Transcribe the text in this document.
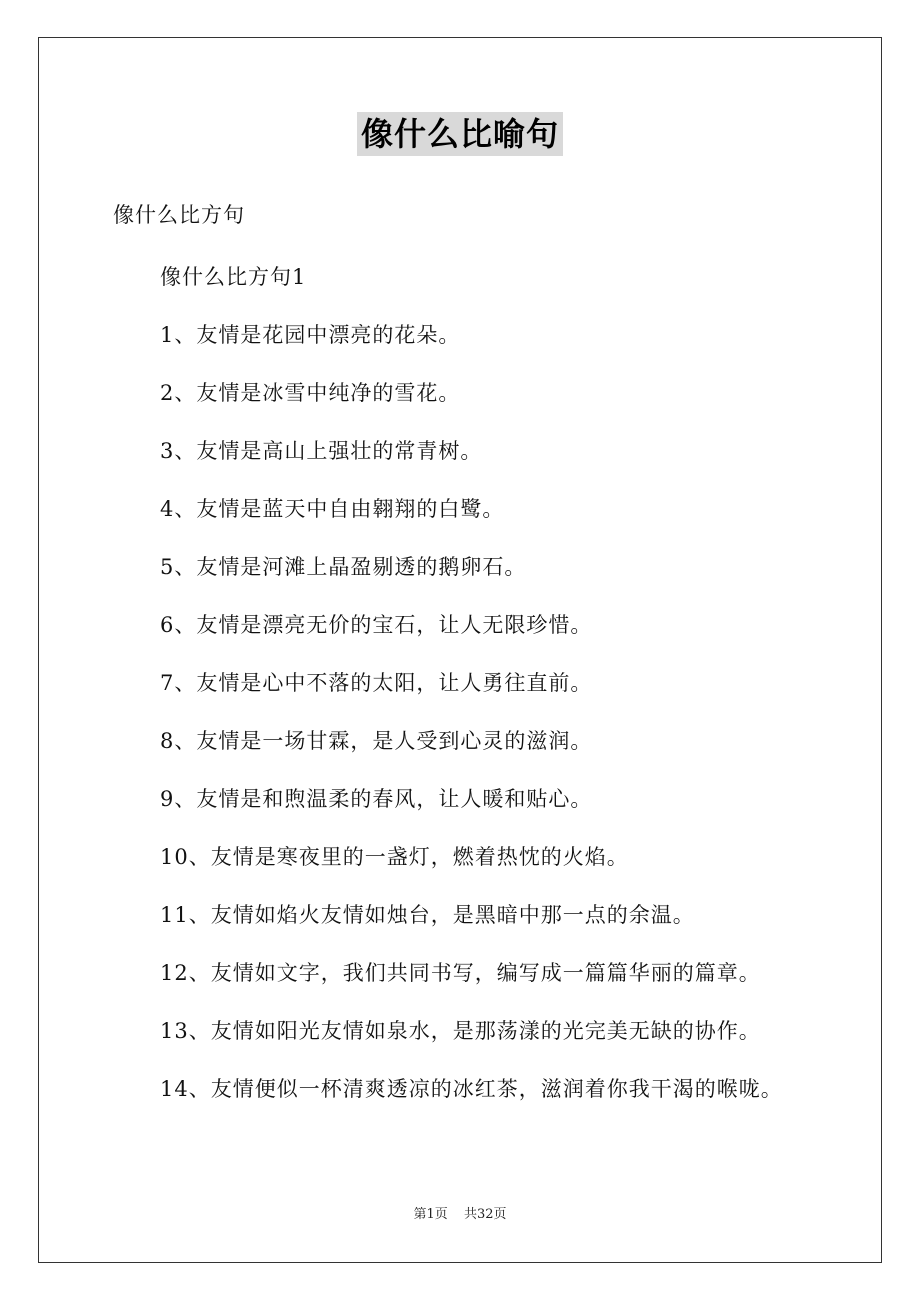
像什么比喻句
像什么比方句
像什么比方句1
1、友情是花园中漂亮的花朵。
2、友情是冰雪中纯净的雪花。
3、友情是高山上强壮的常青树。
4、友情是蓝天中自由翱翔的白鹭。
5、友情是河滩上晶盈剔透的鹅卵石。
6、友情是漂亮无价的宝石，让人无限珍惜。
7、友情是心中不落的太阳，让人勇往直前。
8、友情是一场甘霖，是人受到心灵的滋润。
9、友情是和煦温柔的春风，让人暖和贴心。
10、友情是寒夜里的一盏灯，燃着热忱的火焰。
11、友情如焰火友情如烛台，是黑暗中那一点的余温。
12、友情如文字，我们共同书写，编写成一篇篇华丽的篇章。
13、友情如阳光友情如泉水，是那荡漾的光完美无缺的协作。
14、友情便似一杯清爽透凉的冰红茶，滋润着你我干渴的喉咙。
第1页 共32页
